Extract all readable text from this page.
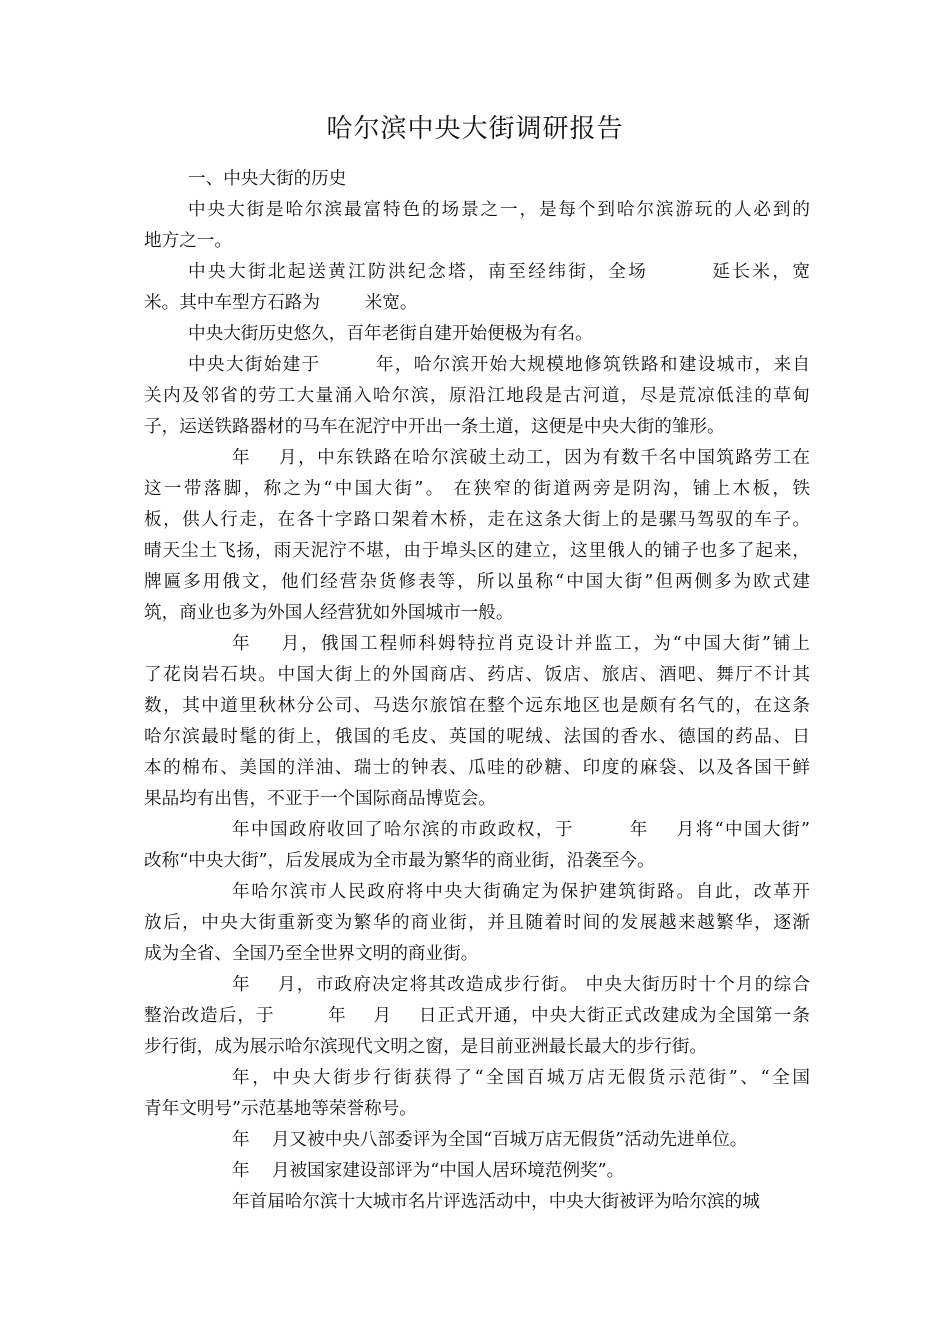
哈尔滨中央大街调研报告
一、中央大街的历史
中央大街是哈尔滨最富特色的场景之一，是每个到哈尔滨游玩的人必到的
地方之一。
中央大街北起送黄江防洪纪念塔，南至经纬街，全场        延长米，宽
米。其中车型方石路为        米宽。
中央大街历史悠久，百年老街自建开始便极为有名。
中央大街始建于        年，哈尔滨开始大规模地修筑铁路和建设城市，来自
关内及邻省的劳工大量涌入哈尔滨，原沿江地段是古河道，尽是荒凉低洼的草甸
子，运送铁路器材的马车在泥泞中开出一条土道，这便是中央大街的雏形。
年    月，中东铁路在哈尔滨破土动工，因为有数千名中国筑路劳工在
这一带落脚，称之为“中国大街”。 在狭窄的街道两旁是阴沟，铺上木板，铁
板，供人行走，在各十字路口架着木桥，走在这条大街上的是骡马驾驭的车子。
晴天尘土飞扬，雨天泥泞不堪，由于埠头区的建立，这里俄人的铺子也多了起来，
牌匾多用俄文，他们经营杂货修表等，所以虽称“中国大街”但两侧多为欧式建
筑，商业也多为外国人经营犹如外国城市一般。
年    月，俄国工程师科姆特拉肖克设计并监工，为“中国大街”铺上
了花岗岩石块。中国大街上的外国商店、药店、饭店、旅店、酒吧、舞厅不计其
数，其中道里秋林分公司、马迭尔旅馆在整个远东地区也是颇有名气的，在这条
哈尔滨最时髦的街上，俄国的毛皮、英国的呢绒、法国的香水、德国的药品、日
本的棉布、美国的洋油、瑞士的钟表、瓜哇的砂糖、印度的麻袋、以及各国干鲜
果品均有出售，不亚于一个国际商品博览会。
年中国政府收回了哈尔滨的市政政权，于        年    月将“中国大街”
改称“中央大街”，后发展成为全市最为繁华的商业街，沿袭至今。
年哈尔滨市人民政府将中央大街确定为保护建筑街路。自此，改革开
放后，中央大街重新变为繁华的商业街，并且随着时间的发展越来越繁华，逐渐
成为全省、全国乃至全世界文明的商业街。
年    月，市政府决定将其改造成步行街。 中央大街历时十个月的综合
整治改造后，于        年    月    日正式开通，中央大街正式改建成为全国第一条
步行街，成为展示哈尔滨现代文明之窗，是目前亚洲最长最大的步行街。
年，中央大街步行街获得了“全国百城万店无假货示范街”、“全国
青年文明号”示范基地等荣誉称号。
年    月又被中央八部委评为全国“百城万店无假货”活动先进单位。
年    月被国家建设部评为“中国人居环境范例奖”。
年首届哈尔滨十大城市名片评选活动中，中央大街被评为哈尔滨的城
